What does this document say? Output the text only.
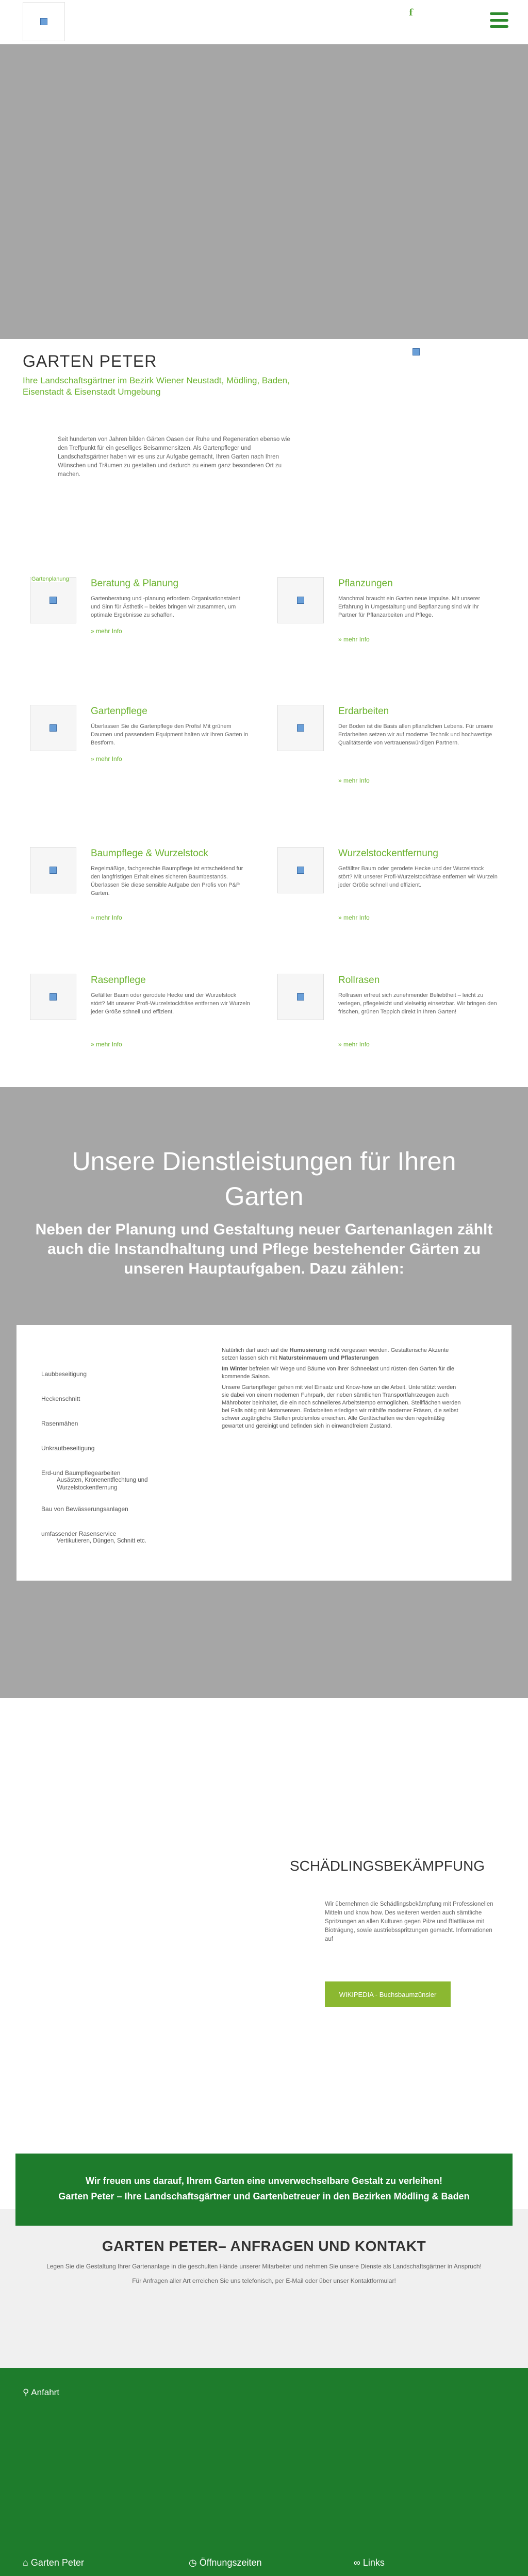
f
GARTEN PETER
Ihre Landschaftsgärtner im Bezirk Wiener Neustadt, Mödling, Baden, Eisenstadt & Eisenstadt Umgebung
Seit hunderten von Jahren bilden Gärten Oasen der Ruhe und Regeneration ebenso wie den Treffpunkt für ein geselliges Beisammensitzen. Als Gartenpfleger und Landschaftsgärtner haben wir es uns zur Aufgabe gemacht, Ihren Garten nach Ihren Wünschen und Träumen zu gestalten und dadurch zu einem ganz besonderen Ort zu machen.
Gartenplanung Beratung & Planung

Gartenberatung und -planung erfordern Organisationstalent und Sinn für Ästhetik – beides bringen wir zusammen, um optimale Ergebnisse zu schaffen.

» mehr Info
Pflanzungen

Manchmal braucht ein Garten neue Impulse. Mit unserer Erfahrung in Umgestaltung und Bepflanzung sind wir Ihr Partner für Pflanzarbeiten und Pflege.

» mehr Info
Gartenpflege

Überlassen Sie die Gartenpflege den Profis! Mit grünem Daumen und passendem Equipment halten wir Ihren Garten in Bestform.

» mehr Info
Erdarbeiten

Der Boden ist die Basis allen pflanzlichen Lebens. Für unsere Erdarbeiten setzen wir auf moderne Technik und hochwertige Qualitätserde von vertrauenswürdigen Partnern.

» mehr Info
Baumpflege & Wurzelstock

Regelmäßige, fachgerechte Baumpflege ist entscheidend für den langfristigen Erhalt eines sicheren Baumbestands. Überlassen Sie diese sensible Aufgabe den Profis von P&P Garten.

» mehr Info
Wurzelstockentfernung

Gefällter Baum oder gerodete Hecke und der Wurzelstock stört? Mit unserer Profi-Wurzelstockfräse entfernen wir Wurzeln jeder Größe schnell und effizient.

» mehr Info
Rasenpflege

Gefällter Baum oder gerodete Hecke und der Wurzelstock stört? Mit unserer Profi-Wurzelstockfräse entfernen wir Wurzeln jeder Größe schnell und effizient.

» mehr Info
Rollrasen

Rollrasen erfreut sich zunehmender Beliebtheit – leicht zu verlegen, pflegeleicht und vielseitig einsetzbar. Wir bringen den frischen, grünen Teppich direkt in Ihren Garten!

» mehr Info
Unsere Dienstleistungen für Ihren Garten

Neben der Planung und Gestaltung neuer Gartenanlagen zählt auch die Instandhaltung und Pflege bestehender Gärten zu unseren Hauptaufgaben. Dazu zählen:

Laubbeseitigung
Heckenschnitt
Rasenmähen
Unkrautbeseitigung
Erd-und Baumpflegearbeiten
Ausästen, Kronenentflechtung und Wurzelstockentfernung
Bau von Bewässerungsanlagen
umfassender Rasenservice
Vertikutieren, Düngen, Schnitt etc.

Natürlich darf auch auf die Humusierung nicht vergessen werden. Gestalterische Akzente setzen lassen sich mit Natursteinmauern und Pflasterungen

Im Winter befreien wir Wege und Bäume von ihrer Schneelast und rüsten den Garten für die kommende Saison.

Unsere Gartenpfleger gehen mit viel Einsatz und Know-how an die Arbeit. Unterstützt werden sie dabei von einem modernen Fuhrpark, der neben sämtlichen Transportfahrzeugen auch Mähroboter beinhaltet, die ein noch schnelleres Arbeitstempo ermöglichen. Stellflächen werden bei Falls nötig mit Motorsensen. Erdarbeiten erledigen wir mithilfe moderner Fräsen, die selbst schwer zugängliche Stellen problemlos erreichen. Alle Gerätschaften werden regelmäßig gewartet und gereinigt und befinden sich in einwandfreiem Zustand.

SCHÄDLINGSBEKÄMPFUNG
Wir übernehmen die Schädlingsbekämpfung mit Professionellen Mitteln und know how. Des weiteren werden auch sämtliche Spritzungen an allen Kulturen gegen Pilze und Blattläuse mit Bioträgung, sowie austriebsspritzungen gemacht. Informationen auf
WIKIPEDIA - Buchsbaumzünsler
GARTEN PETER– ANFRAGEN UND KONTAKT

Legen Sie die Gestaltung Ihrer Gartenanlage in die geschulten Hände unserer Mitarbeiter und nehmen Sie unsere Dienste als Landschaftsgärtner in Anspruch!

Für Anfragen aller Art erreichen Sie uns telefonisch, per E-Mail oder über unser Kontaktformular!

Wir freuen uns darauf, Ihrem Garten eine unverwechselbare Gestalt zu verleihen!
Garten Peter – Ihre Landschaftsgärtner und Gartenbetreuer in den Bezirken Mödling & Baden
⚲ Anfahrt
⌂ Garten Peter	◷ Öffnungszeiten	∞ Links
